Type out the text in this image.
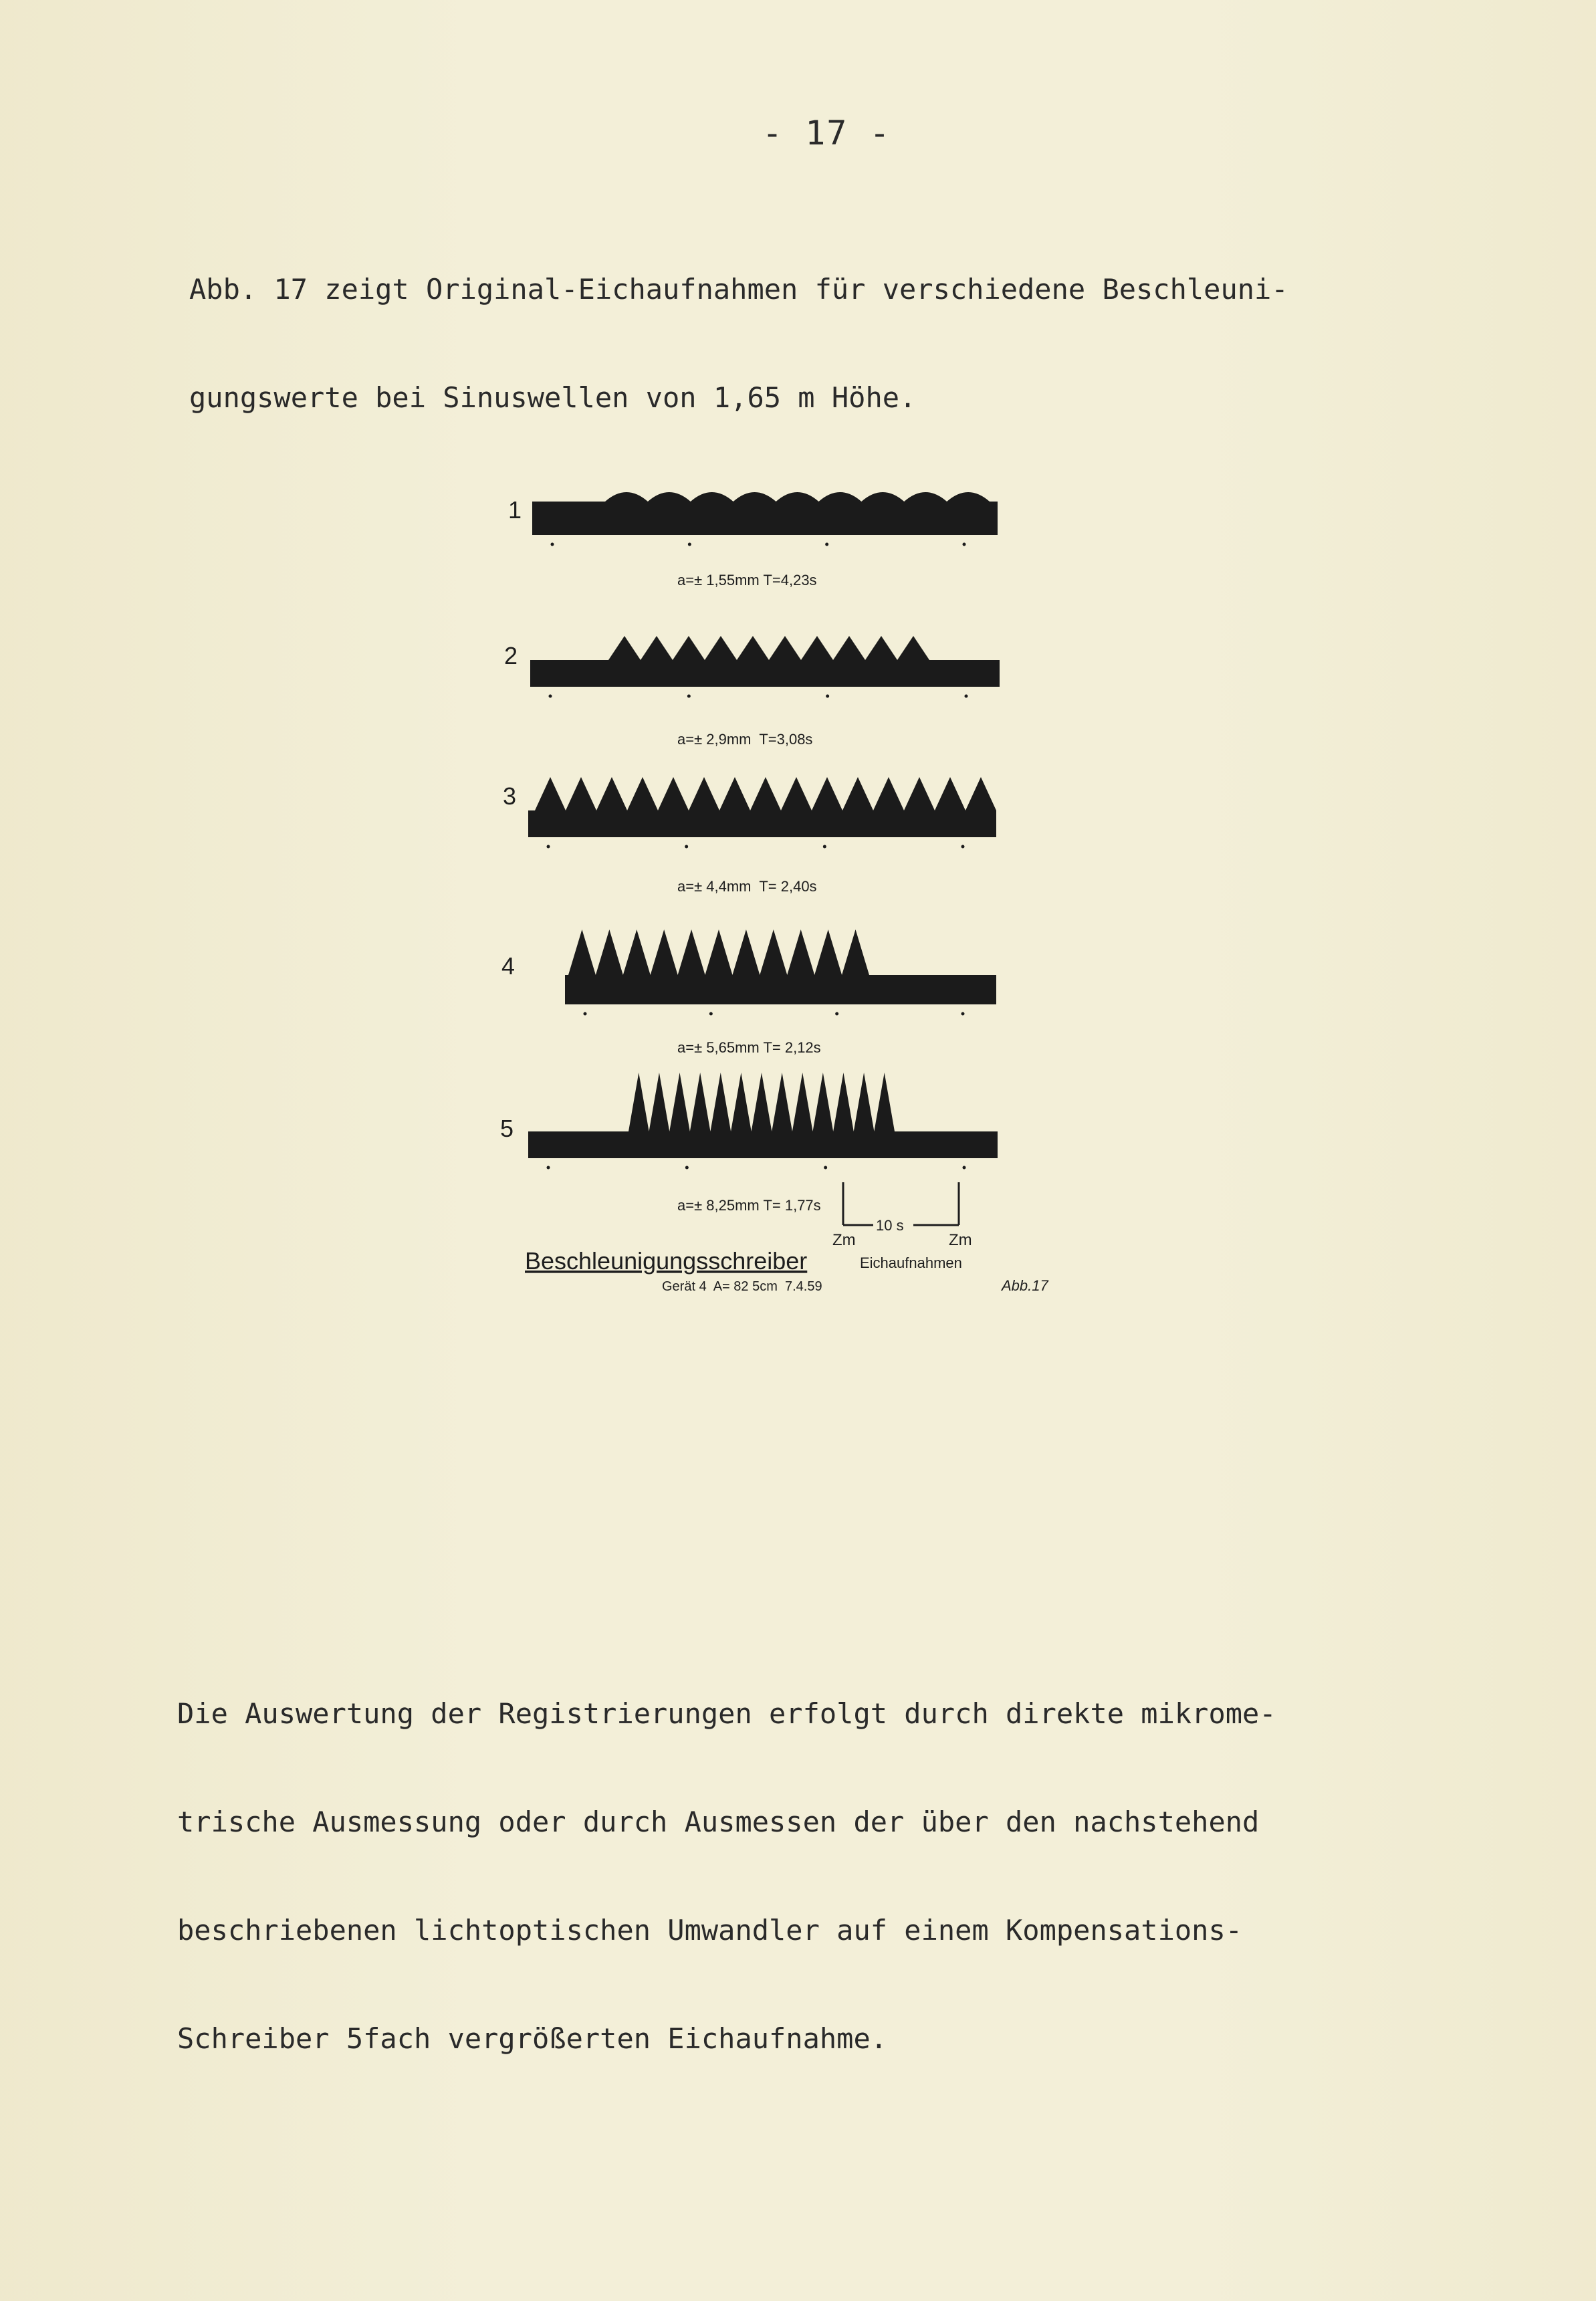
- 17 -

Abb. 17 zeigt Original-Eichaufnahmen für verschiedene Beschleuni-

gungswerte bei Sinuswellen von 1,65 m Höhe.

1
2
3
4
5
a=± 1,55mm T=4,23s
a=± 2,9mm  T=3,08s
a=± 4,4mm  T= 2,40s
a=± 5,65mm T= 2,12s
a=± 8,25mm T= 1,77s
10 s
Zm	Zm
Beschleunigungsschreiber	Eichaufnahmen
Gerät 4  A= 82 5cm  7.4.59	Abb.17

Die Auswertung der Registrierungen erfolgt durch direkte mikrome-

trische Ausmessung oder durch Ausmessen der über den nachstehend

beschriebenen lichtoptischen Umwandler auf einem Kompensations-

Schreiber 5fach vergrößerten Eichaufnahme.
